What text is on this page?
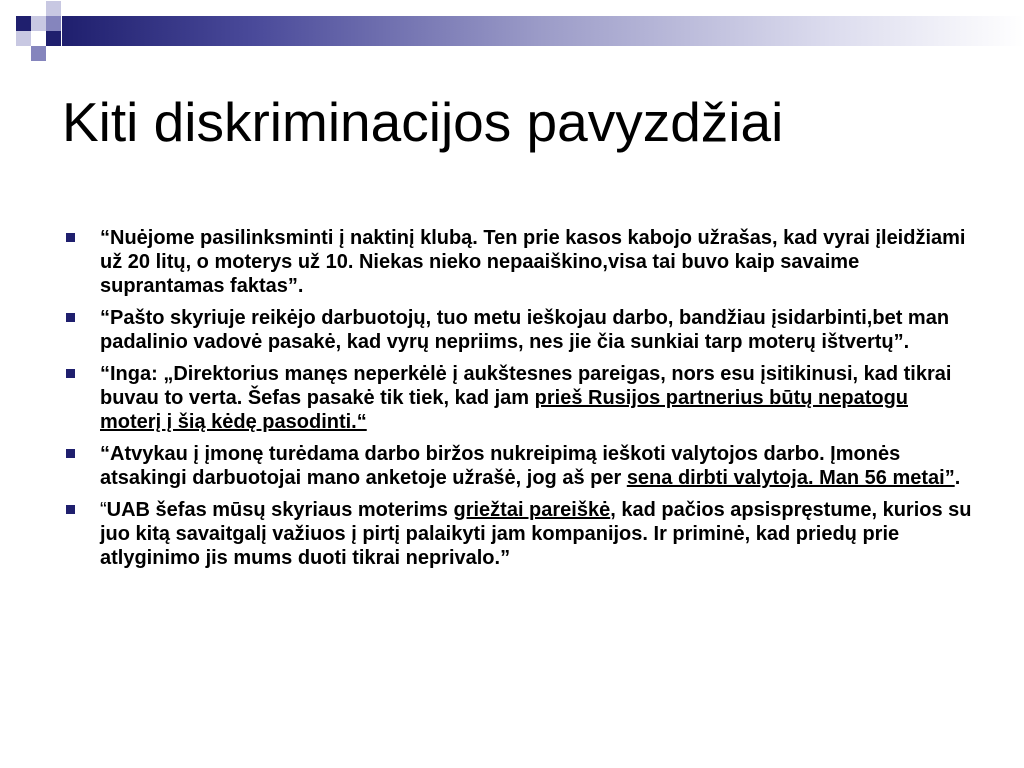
Kiti diskriminacijos pavyzdžiai
“Nuėjome pasilinksminti į naktinį klubą. Ten prie kasos kabojo užrašas, kad vyrai įleidžiami už 20 litų, o moterys už 10. Niekas nieko nepaaiškino,visa tai buvo kaip savaime suprantamas faktas”.
“Pašto skyriuje reikėjo darbuotojų, tuo metu ieškojau darbo, bandžiau įsidarbinti,bet man padalinio vadovė pasakė, kad vyrų nepriims, nes jie čia sunkiai tarp moterų ištvertų”.
“Inga: „Direktorius manęs neperkėlė į aukštesnes pareigas, nors esu įsitikinusi, kad tikrai buvau to verta. Šefas pasakė tik tiek, kad jam prieš Rusijos partnerius būtų nepatogu moterį į šią kėdę pasodinti.“
“Atvykau į įmonę turėdama darbo biržos nukreipimą ieškoti valytojos darbo. Įmonės atsakingi darbuotojai mano anketoje užrašė, jog aš per sena dirbti valytoja. Man 56 metai”.
“UAB šefas mūsų skyriaus moterims griežtai pareiškė, kad pačios apsispręstume, kurios su juo kitą savaitgalį važiuos į pirtį palaikyti jam kompanijos. Ir priminė, kad priedų prie atlyginimo jis mums duoti tikrai neprivalo.”
